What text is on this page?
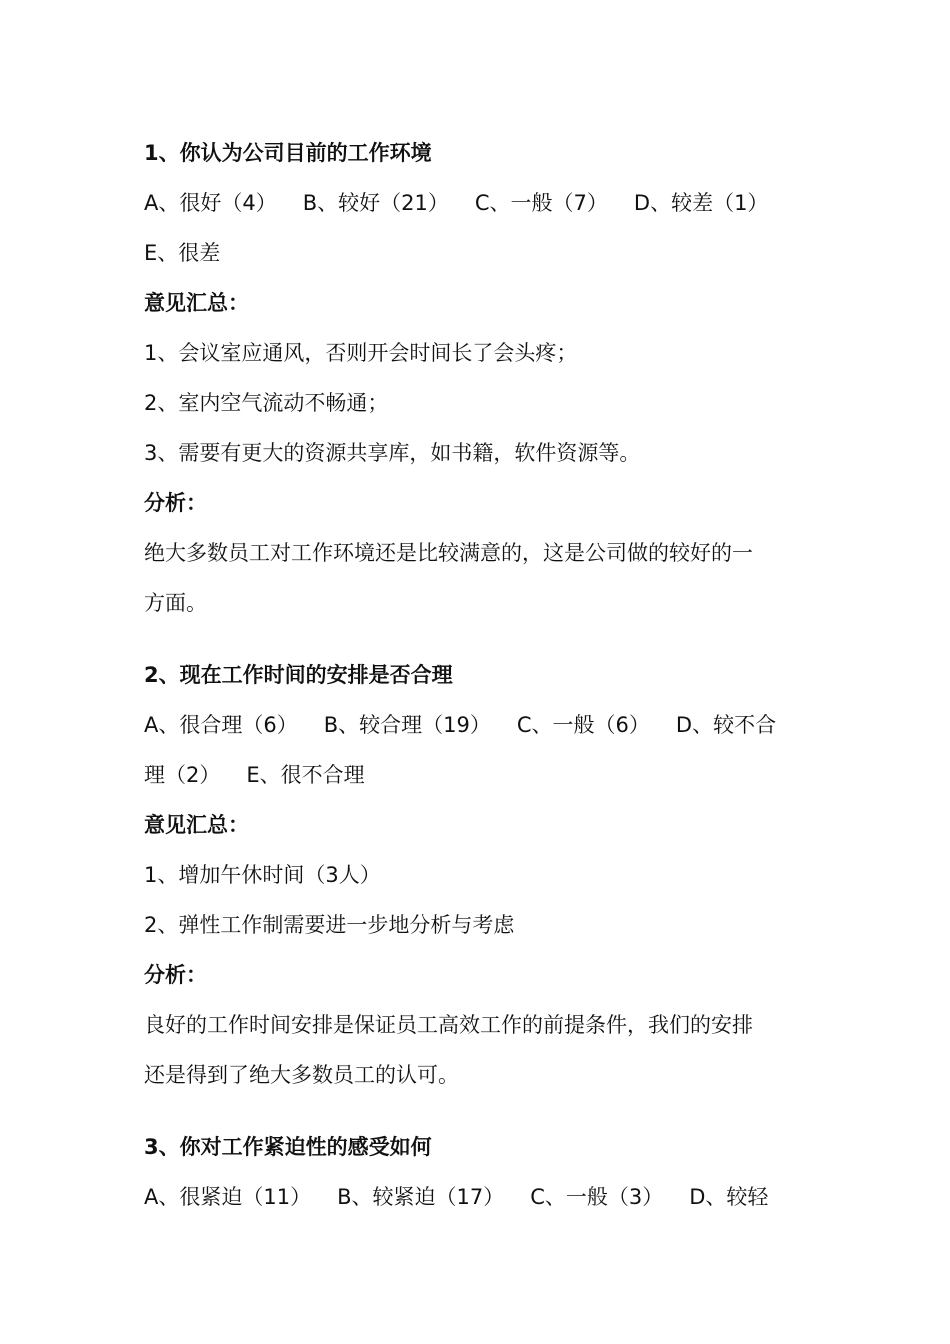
1、你认为公司目前的工作环境
A、很好（4） B、较好（21） C、一般（7） D、较差（1）
E、很差
意见汇总：
1、会议室应通风，否则开会时间长了会头疼；
2、室内空气流动不畅通；
3、需要有更大的资源共享库，如书籍，软件资源等。
分析：
绝大多数员工对工作环境还是比较满意的，这是公司做的较好的一
方面。
2、现在工作时间的安排是否合理
A、很合理（6） B、较合理（19） C、一般（6） D、较不合
理（2） E、很不合理
意见汇总：
1、增加午休时间（3人）
2、弹性工作制需要进一步地分析与考虑
分析：
良好的工作时间安排是保证员工高效工作的前提条件，我们的安排
还是得到了绝大多数员工的认可。
3、你对工作紧迫性的感受如何
A、很紧迫（11） B、较紧迫（17） C、一般（3） D、较轻
